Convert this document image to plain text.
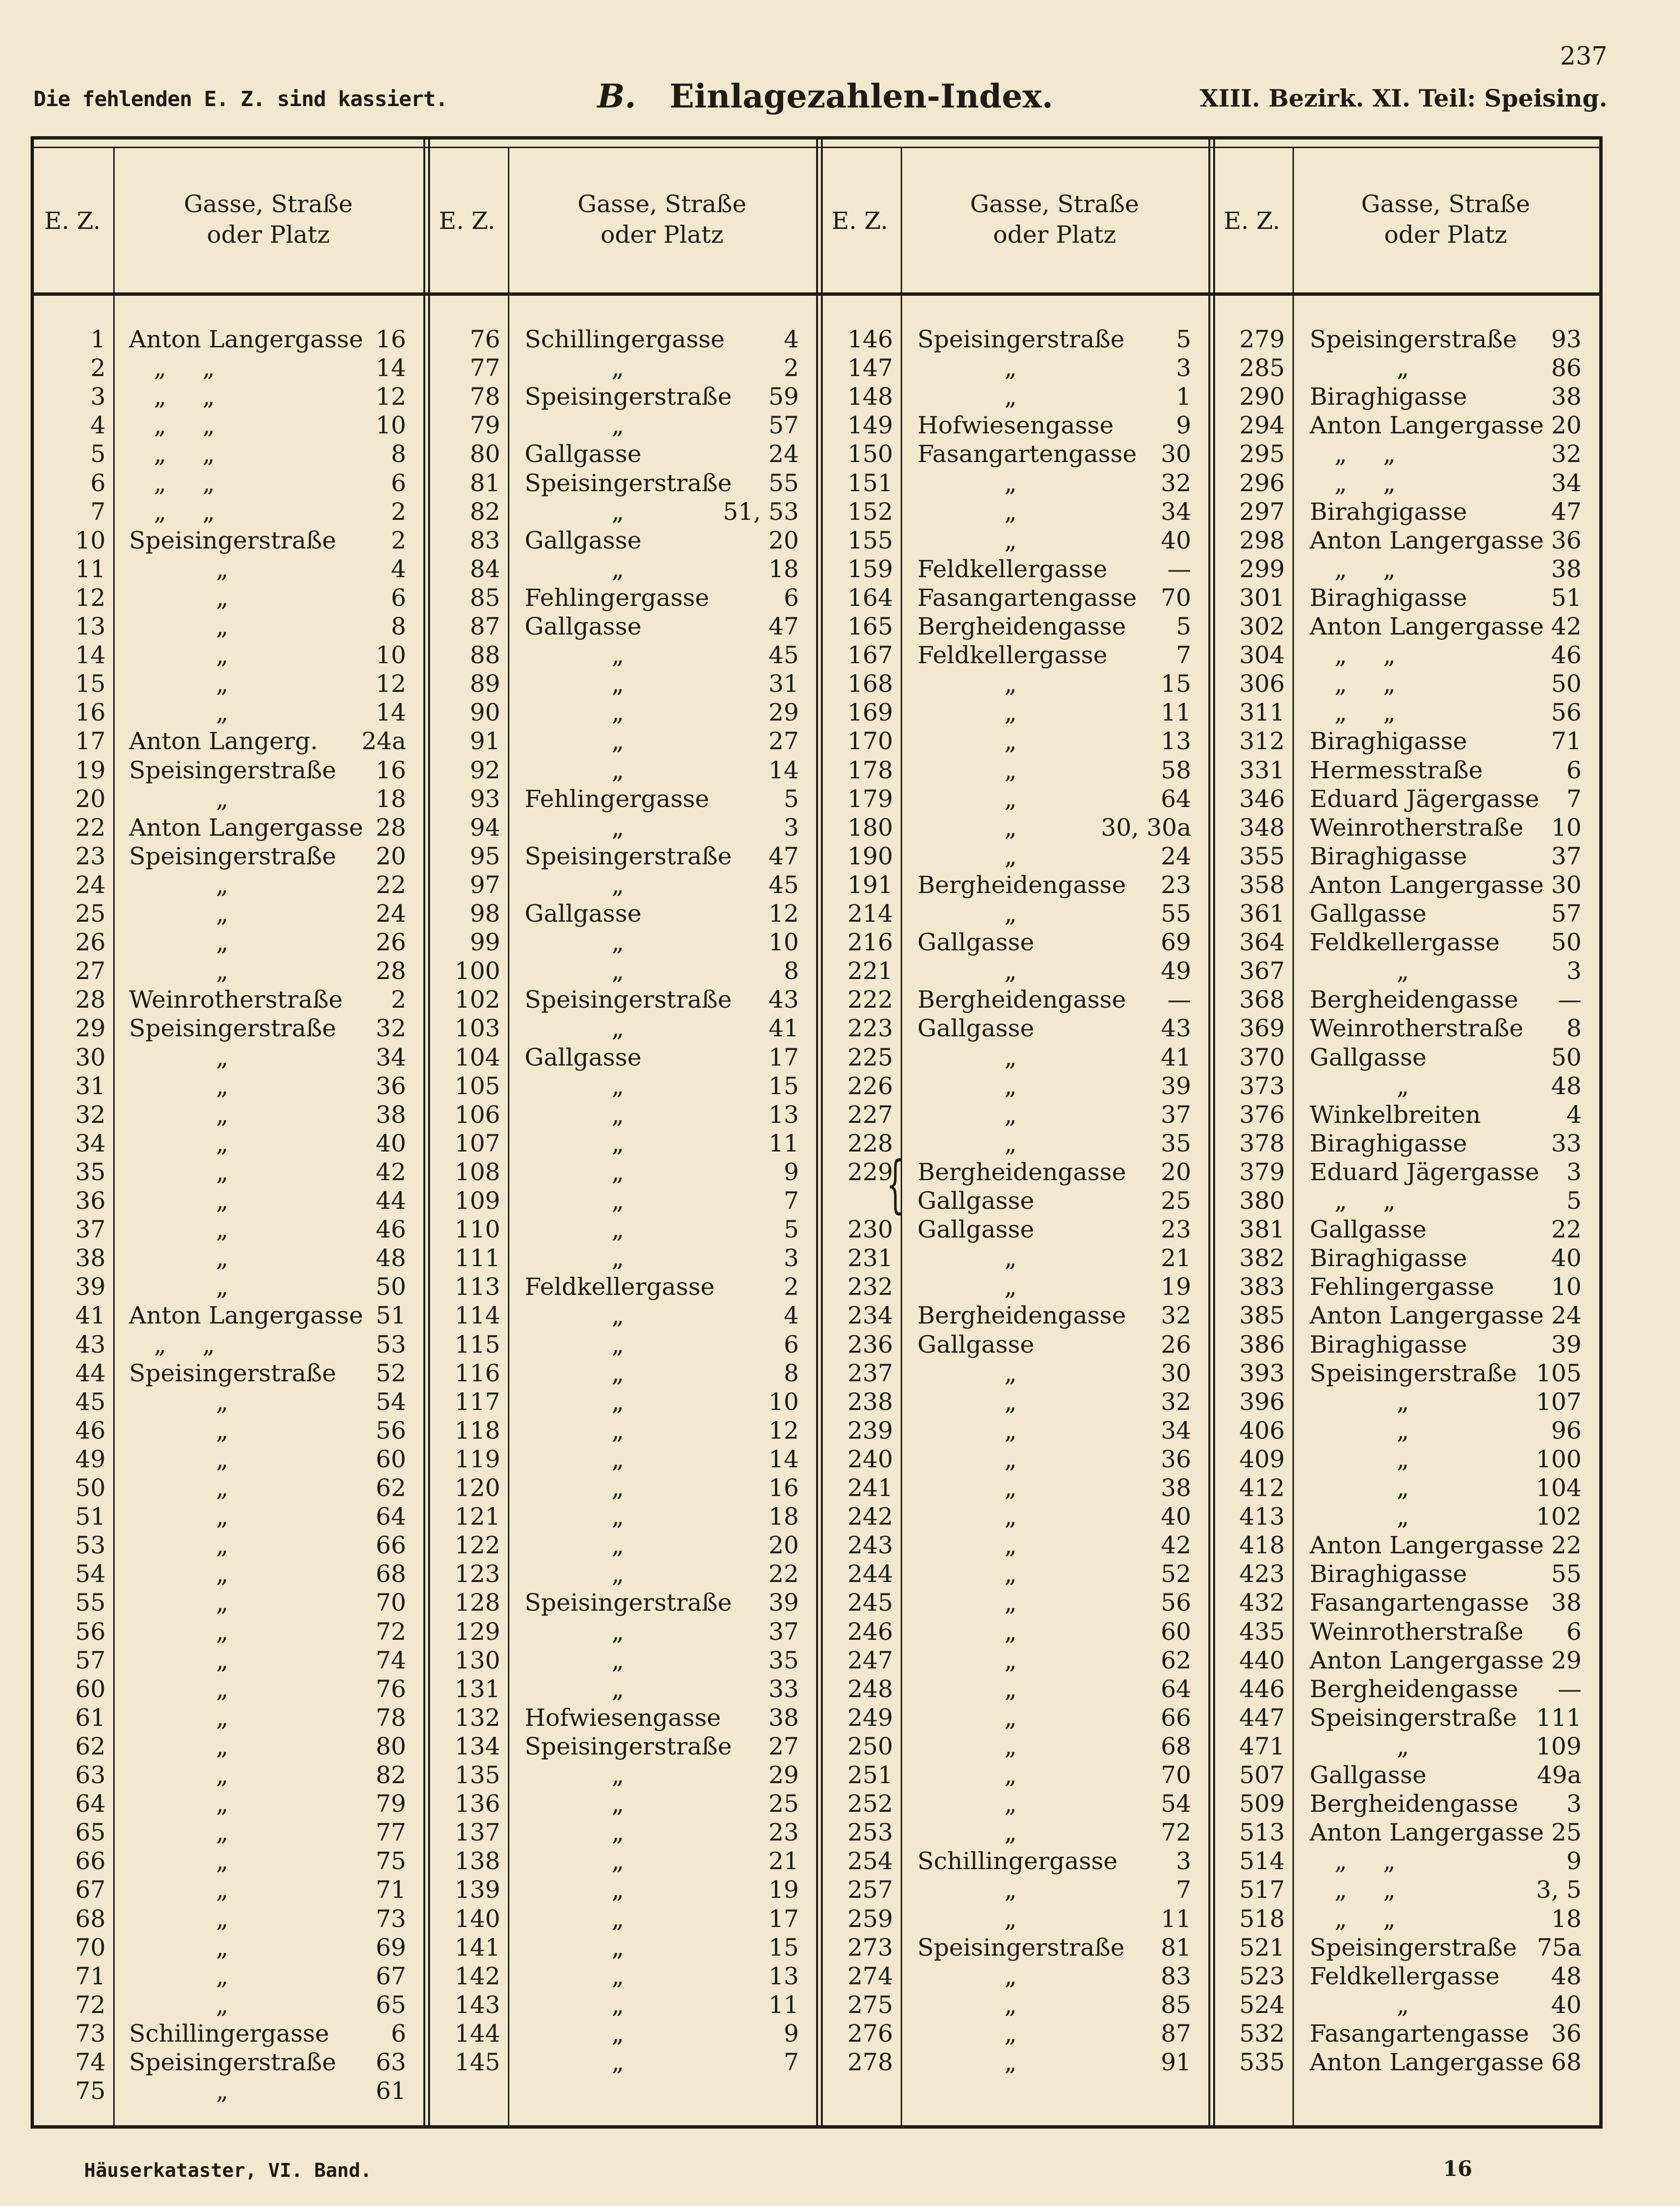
237
Die fehlenden E. Z. sind kassiert.	B. Einlagezahlen-Index.	XIII. Bezirk. XI. Teil: Speising.
E. Z.
Gasse, Straße
oder Platz
1 Anton Langergasse 16
2 „ „	14
3 „ „	12
4 „ „	10
5 „ „	8
6 „ „	6
7 „ „	2
10 Speisingerstraße	2
11	„	4
12	„	6
13	„	8
14	„	10
15	„	12
16	„	14
17 Anton Langerg.	24a
19 Speisingerstraße	16
20	„	18
22 Anton Langergasse 28
23 Speisingerstraße	20
24	„	22
25	„	24
26	„	26
27	„	28
28 Weinrotherstraße	2
29 Speisingerstraße	32
30	„	34
31	„	36
32	„	38
34	„	40
35	„	42
36	„	44
37	„	46
38	„	48
39	„	50
41 Anton Langergasse 51
43 „ „	53
44 Speisingerstraße	52
45	„	54
46	„	56
49	„	60
50	„	62
51	„	64
53	„	66
54	„	68
55	„	70
56	„	72
57	„	74
60	„	76
61	„	78
62	„	80
63	„	82
64	„	79
65	„	77
66	„	75
67	„	71
68	„	73
70	„	69
71	„	67
72	„	65
73 Schillingergasse	6
74 Speisingerstraße	63
75	„	61
E. Z.
Gasse, Straße
oder Platz
76 Schillingergasse	4
77	„	2
78 Speisingerstraße	59
79	„	57
80 Gallgasse	24
81 Speisingerstraße	55
82	„	51, 53
83 Gallgasse	20
84	„	18
85 Fehlingergasse	6
87 Gallgasse	47
88	„	45
89	„	31
90	„	29
91	„	27
92	„	14
93 Fehlingergasse	5
94	„	3
95 Speisingerstraße	47
97	„	45
98 Gallgasse	12
99	„	10
100	„	8
102 Speisingerstraße	43
103	„	41
104 Gallgasse	17
105	„	15
106	„	13
107	„	11
108	„	9
109	„	7
110	„	5
111	„	3
113 Feldkellergasse	2
114	„	4
115	„	6
116	„	8
117	„	10
118	„	12
119	„	14
120	„	16
121	„	18
122	„	20
123	„	22
128 Speisingerstraße	39
129	„	37
130	„	35
131	„	33
132 Hofwiesengasse	38
134 Speisingerstraße	27
135	„	29
136	„	25
137	„	23
138	„	21
139	„	19
140	„	17
141	„	15
142	„	13
143	„	11
144	„	9
145	„	7
E. Z.
Gasse, Straße
oder Platz
146 Speisingerstraße	5
147	„	3
148	„	1
149 Hofwiesengasse	9
150 Fasangartengasse	30
151	„	32
152	„	34
155	„	40
159 Feldkellergasse	—
164 Fasangartengasse	70
165 Bergheidengasse	5
167 Feldkellergasse	7
168	„	15
169	„	11
170	„	13
178	„	58
179	„	64
180	„	30, 30a
190	„	24
191 Bergheidengasse	23
214	„	55
216 Gallgasse	69
221	„	49
222 Bergheidengasse	—
223 Gallgasse	43
225	„	41
226	„	39
227	„	37
228	„	35
229 Bergheidengasse	20
Gallgasse	25
230 Gallgasse	23
231	„	21
232	„	19
234 Bergheidengasse	32
236 Gallgasse	26
237	„	30
238	„	32
239	„	34
240	„	36
241	„	38
242	„	40
243	„	42
244	„	52
245	„	56
246	„	60
247	„	62
248	„	64
249	„	66
250	„	68
251	„	70
252	„	54
253	„	72
254 Schillingergasse	3
257	„	7
259	„	11
273 Speisingerstraße	81
274	„	83
275	„	85
276	„	87
278	„	91
E. Z.
Gasse, Straße
oder Platz
279 Speisingerstraße	93
285	„	86
290 Biraghigasse	38
294 Anton Langergasse 20
295 „ „	32
296 „ „	34
297 Birahgigasse	47
298 Anton Langergasse 36
299 „ „	38
301 Biraghigasse	51
302 Anton Langergasse 42
304 „ „	46
306 „ „	50
311 „ „	56
312 Biraghigasse	71
331 Hermesstraße	6
346 Eduard Jägergasse	7
348 Weinrotherstraße	10
355 Biraghigasse	37
358 Anton Langergasse 30
361 Gallgasse	57
364 Feldkellergasse	50
367	„	3
368 Bergheidengasse	—
369 Weinrotherstraße	8
370 Gallgasse	50
373	„	48
376 Winkelbreiten	4
378 Biraghigasse	33
379 Eduard Jägergasse	3
380 „ „	5
381 Gallgasse	22
382 Biraghigasse	40
383 Fehlingergasse	10
385 Anton Langergasse 24
386 Biraghigasse	39
393 Speisingerstraße 105
396	„	107
406	„	96
409	„	100
412	„	104
413	„	102
418 Anton Langergasse 22
423 Biraghigasse	55
432 Fasangartengasse 38
435 Weinrotherstraße	6
440 Anton Langergasse 29
446 Bergheidengasse	—
447 Speisingerstraße 111
471	„	109
507 Gallgasse	49a
509 Bergheidengasse	3
513 Anton Langergasse 25
514 „ „	9
517 „ „	3, 5
518 „ „	18
521 Speisingerstraße 75a
523 Feldkellergasse	48
524	„	40
532 Fasangartengasse 36
535 Anton Langergasse 68
{
Häuserkataster, VI. Band.	16
